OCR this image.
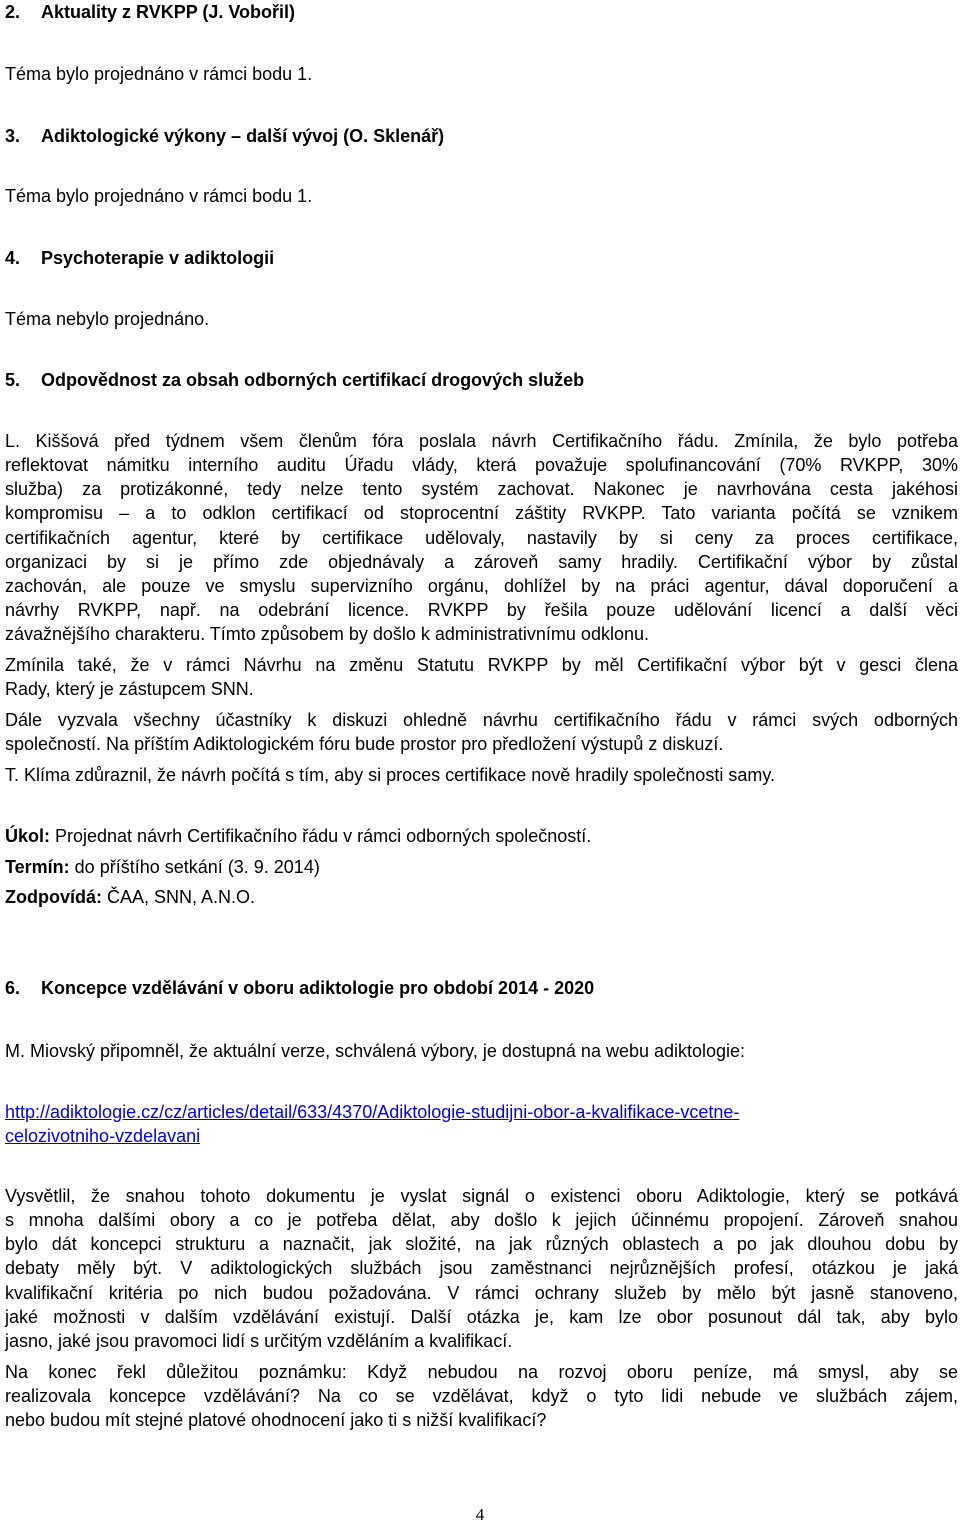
2. Aktuality z RVKPP (J. Vobořil)
Téma bylo projednáno v rámci bodu 1.
3. Adiktologické výkony – další vývoj (O. Sklenář)
Téma bylo projednáno v rámci bodu 1.
4. Psychoterapie v adiktologii
Téma nebylo projednáno.
5. Odpovědnost za obsah odborných certifikací drogových služeb
L. Kiššová před týdnem všem členům fóra poslala návrh Certifikačního řádu. Zmínila, že bylo potřeba
reflektovat námitku interního auditu Úřadu vlády, která považuje spolufinancování (70% RVKPP, 30%
služba) za protizákonné, tedy nelze tento systém zachovat. Nakonec je navrhována cesta jakéhosi
kompromisu – a to odklon certifikací od stoprocentní záštity RVKPP. Tato varianta počítá se vznikem
certifikačních agentur, které by certifikace udělovaly, nastavily by si ceny za proces certifikace,
organizaci by si je přímo zde objednávaly a zároveň samy hradily. Certifikační výbor by zůstal
zachován, ale pouze ve smyslu supervizního orgánu, dohlížel by na práci agentur, dával doporučení a
návrhy RVKPP, např. na odebrání licence. RVKPP by řešila pouze udělování licencí a další věci
závažnějšího charakteru. Tímto způsobem by došlo k administrativnímu odklonu.
Zmínila také, že v rámci Návrhu na změnu Statutu RVKPP by měl Certifikační výbor být v gesci člena
Rady, který je zástupcem SNN.
Dále vyzvala všechny účastníky k diskuzi ohledně návrhu certifikačního řádu v rámci svých odborných
společností. Na příštím Adiktologickém fóru bude prostor pro předložení výstupů z diskuzí.
T. Klíma zdůraznil, že návrh počítá s tím, aby si proces certifikace nově hradily společnosti samy.
Úkol: Projednat návrh Certifikačního řádu v rámci odborných společností.
Termín: do příštího setkání (3. 9. 2014)
Zodpovídá: ČAA, SNN, A.N.O.
6. Koncepce vzdělávání v oboru adiktologie pro období 2014 - 2020
M. Miovský připomněl, že aktuální verze, schválená výbory, je dostupná na webu adiktologie:
http://adiktologie.cz/cz/articles/detail/633/4370/Adiktologie-studijni-obor-a-kvalifikace-vcetne-
celozivotniho-vzdelavani
Vysvětlil, že snahou tohoto dokumentu je vyslat signál o existenci oboru Adiktologie, který se potkává
s mnoha dalšími obory a co je potřeba dělat, aby došlo k jejich účinnému propojení. Zároveň snahou
bylo dát koncepci strukturu a naznačit, jak složité, na jak různých oblastech a po jak dlouhou dobu by
debaty měly být. V adiktologických službách jsou zaměstnanci nejrůznějších profesí, otázkou je jaká
kvalifikační kritéria po nich budou požadována. V rámci ochrany služeb by mělo být jasně stanoveno,
jaké možnosti v dalším vzdělávání existují. Další otázka je, kam lze obor posunout dál tak, aby bylo
jasno, jaké jsou pravomoci lidí s určitým vzděláním a kvalifikací.
Na konec řekl důležitou poznámku: Když nebudou na rozvoj oboru peníze, má smysl, aby se
realizovala koncepce vzdělávání? Na co se vzdělávat, když o tyto lidi nebude ve službách zájem,
nebo budou mít stejné platové ohodnocení jako ti s nižší kvalifikací?
4
